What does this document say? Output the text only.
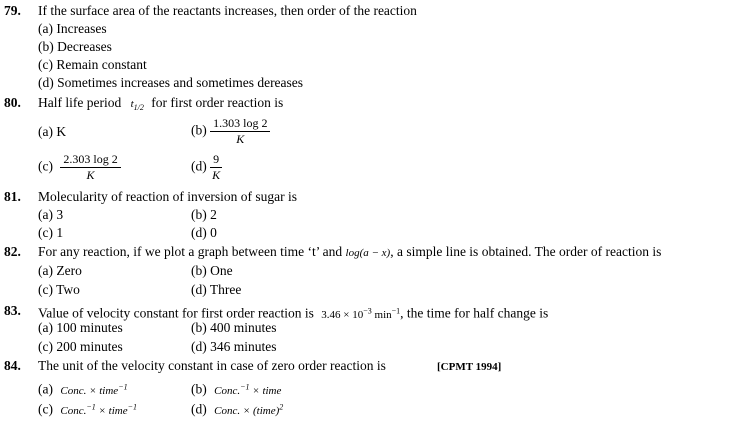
79. If the surface area of the reactants increases, then order of the reaction
(a) Increases
(b) Decreases
(c) Remain constant
(d) Sometimes increases and sometimes dereases
80. Half life period $t_{1/2}$ for first order reaction is
(a) K	$(b) \frac{1.303 \log 2}{K}$
$(c) \frac{2.303 \log 2}{K}$	$(d) \frac{9}{K}$
81. Molecularity of reaction of inversion of sugar is
(a) 3	(b) 2
(c) 1	(d) 0
82. For any reaction, if we plot a graph between time ‘t’ and log(a − x), a simple line is obtained. The order of reaction is
(a) Zero	(b) One
(c) Two	(d) Three
83. Value of velocity constant for first order reaction is $3.46 \times 10^{-3}$ $\min^{-1}$, the time for half change is
(a) 100 minutes	(b) 400 minutes
(c) 200 minutes	(d) 346 minutes
84. The unit of the velocity constant in case of zero order reaction is	[CPMT 1994]
(a) Conc. × time$^{-1}$	(b) Conc.$^{-1}$ × time
(c) Conc.$^{-1}$ × time$^{-1}$	(d) Conc. × (time)$^2$
